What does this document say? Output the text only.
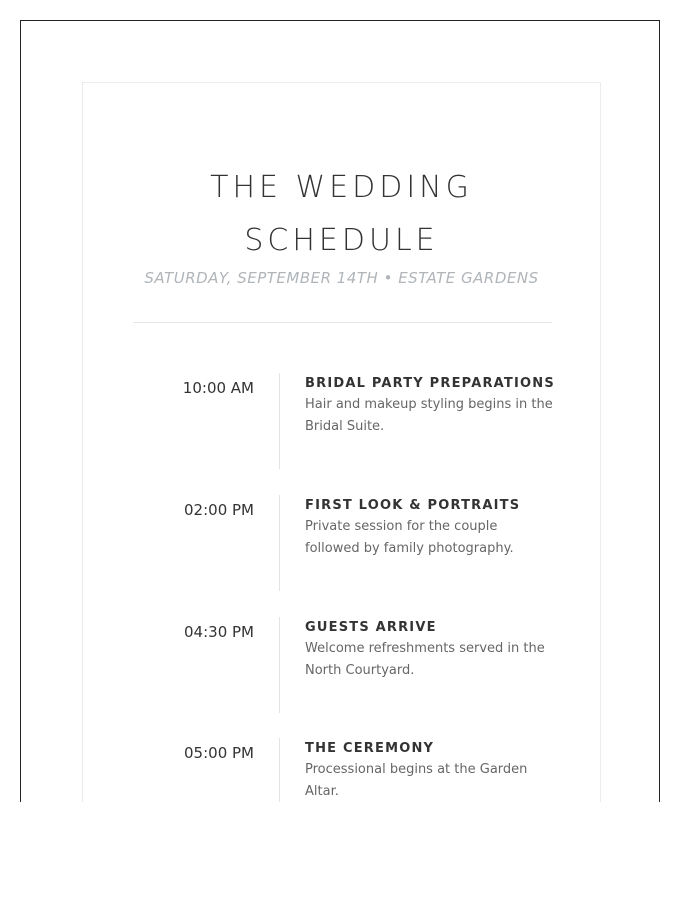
THE WEDDING
SCHEDULE

SATURDAY, SEPTEMBER 14TH • ESTATE GARDENS

10:00 AM	BRIDAL PARTY PREPARATIONS

Hair and makeup styling begins in the Bridal Suite.

02:00 PM	FIRST LOOK & PORTRAITS

Private session for the couple followed by family photography.

04:30 PM	GUESTS ARRIVE

Welcome refreshments served in the North Courtyard.

05:00 PM	THE CEREMONY

Processional begins at the Garden Altar.
